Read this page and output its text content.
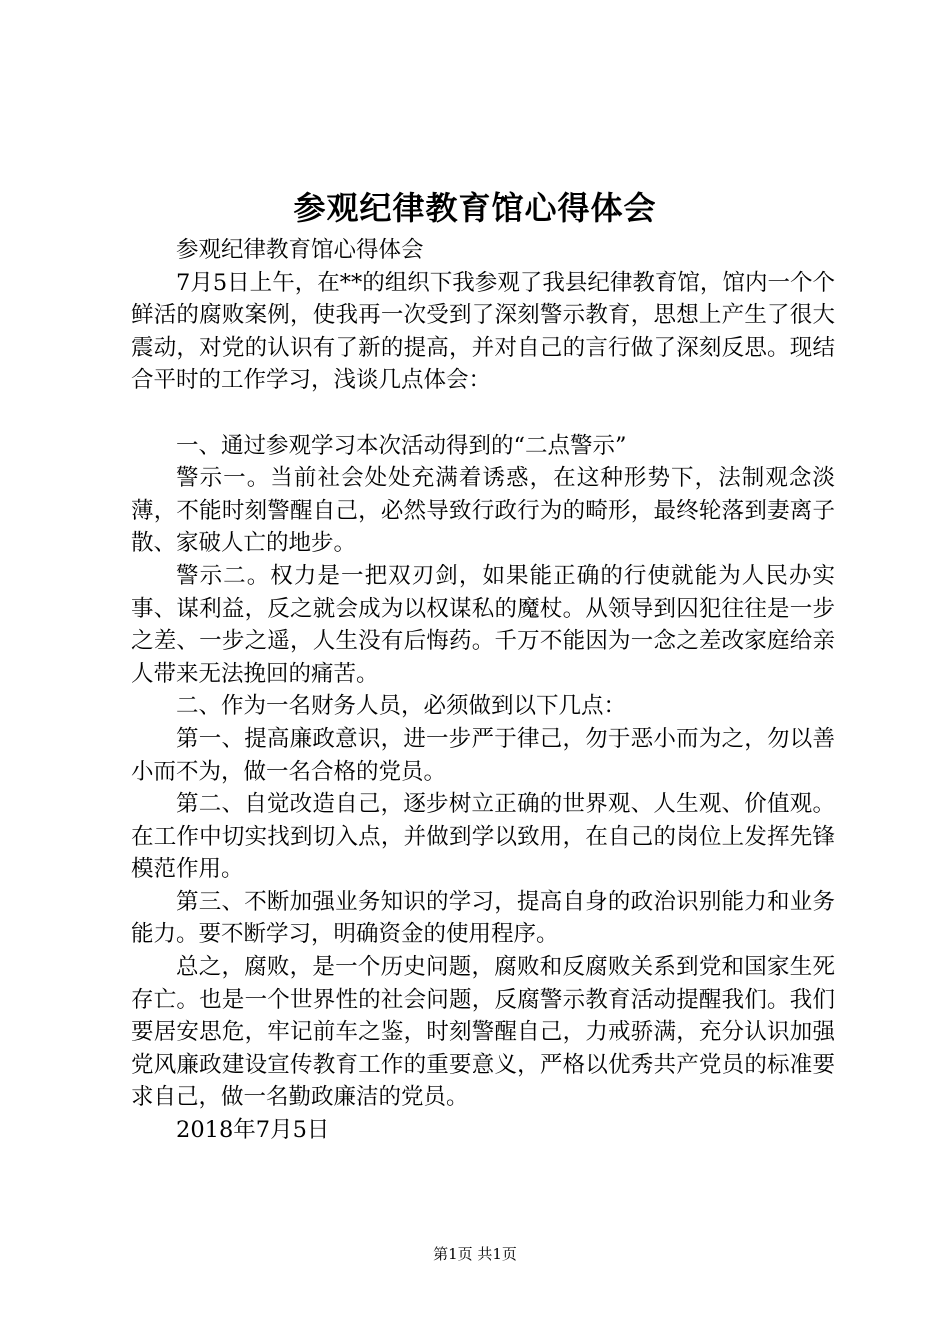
参观纪律教育馆心得体会

参观纪律教育馆心得体会

7月5日上午，在**的组织下我参观了我县纪律教育馆，馆内一个个鲜活的腐败案例，使我再一次受到了深刻警示教育，思想上产生了很大震动，对党的认识有了新的提高，并对自己的言行做了深刻反思。现结合平时的工作学习，浅谈几点体会：

一、通过参观学习本次活动得到的“二点警示”

警示一。当前社会处处充满着诱惑，在这种形势下，法制观念淡薄，不能时刻警醒自己，必然导致行政行为的畸形，最终轮落到妻离子散、家破人亡的地步。

警示二。权力是一把双刃剑，如果能正确的行使就能为人民办实事、谋利益，反之就会成为以权谋私的魔杖。从领导到囚犯往往是一步之差、一步之遥，人生没有后悔药。千万不能因为一念之差改家庭给亲人带来无法挽回的痛苦。

二、作为一名财务人员，必须做到以下几点：

第一、提高廉政意识，进一步严于律己，勿于恶小而为之，勿以善小而不为，做一名合格的党员。

第二、自觉改造自己，逐步树立正确的世界观、人生观、价值观。在工作中切实找到切入点，并做到学以致用，在自己的岗位上发挥先锋模范作用。

第三、不断加强业务知识的学习，提高自身的政治识别能力和业务能力。要不断学习，明确资金的使用程序。

总之，腐败，是一个历史问题，腐败和反腐败关系到党和国家生死存亡。也是一个世界性的社会问题，反腐警示教育活动提醒我们。我们要居安思危，牢记前车之鉴，时刻警醒自己，力戒骄满，充分认识加强党风廉政建设宣传教育工作的重要意义，严格以优秀共产党员的标准要求自己，做一名勤政廉洁的党员。

2018年7月5日

第1页 共1页
